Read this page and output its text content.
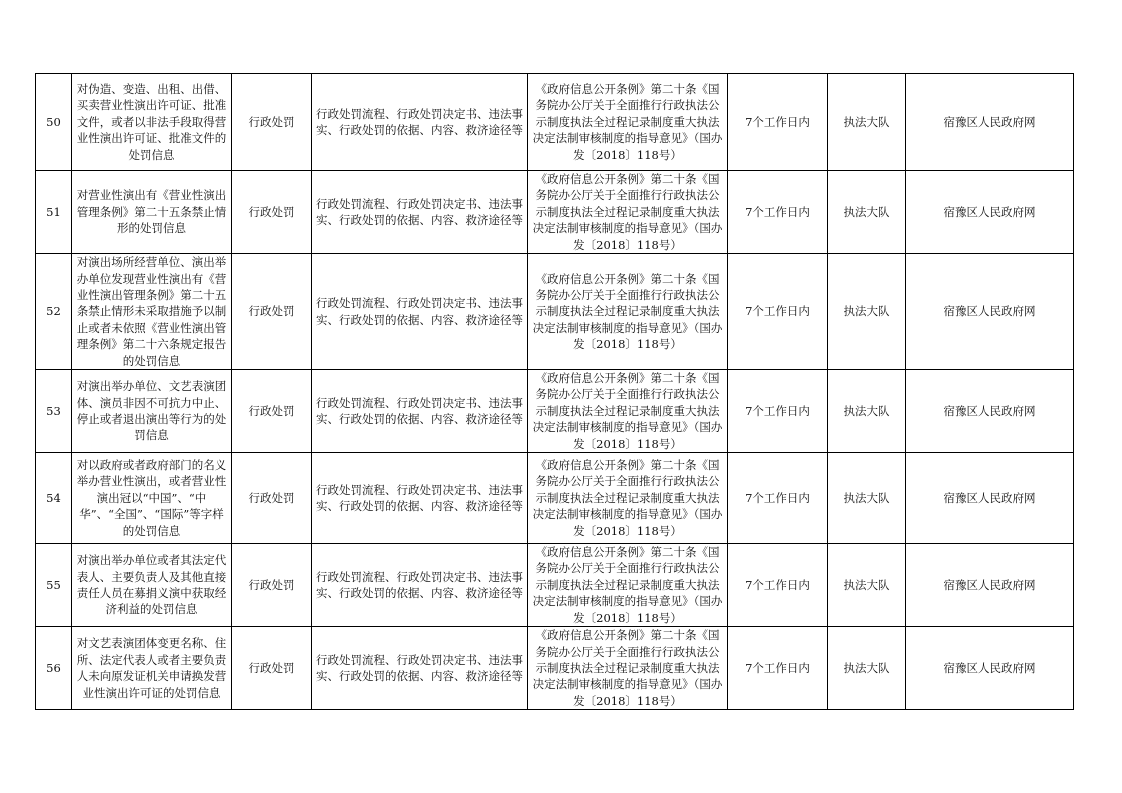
50	对伪造、变造、出租、出借、买卖营业性演出许可证、批准文件，或者以非法手段取得营业性演出许可证、批准文件的处罚信息	行政处罚	行政处罚流程、行政处罚决定书、违法事实、行政处罚的依据、内容、救济途径等	《政府信息公开条例》第二十条《国务院办公厅关于全面推行行政执法公示制度执法全过程记录制度重大执法决定法制审核制度的指导意见》（国办发〔2018〕118号）	7个工作日内	执法大队	宿豫区人民政府网

51	对营业性演出有《营业性演出管理条例》第二十五条禁止情形的处罚信息	行政处罚	行政处罚流程、行政处罚决定书、违法事实、行政处罚的依据、内容、救济途径等	《政府信息公开条例》第二十条《国务院办公厅关于全面推行行政执法公示制度执法全过程记录制度重大执法决定法制审核制度的指导意见》（国办发〔2018〕118号）	7个工作日内	执法大队	宿豫区人民政府网

52	对演出场所经营单位、演出举办单位发现营业性演出有《营业性演出管理条例》第二十五条禁止情形未采取措施予以制止或者未依照《营业性演出管理条例》第二十六条规定报告的处罚信息	行政处罚	行政处罚流程、行政处罚决定书、违法事实、行政处罚的依据、内容、救济途径等	《政府信息公开条例》第二十条《国务院办公厅关于全面推行行政执法公示制度执法全过程记录制度重大执法决定法制审核制度的指导意见》（国办发〔2018〕118号）	7个工作日内	执法大队	宿豫区人民政府网

53	对演出举办单位、文艺表演团体、演员非因不可抗力中止、停止或者退出演出等行为的处罚信息	行政处罚	行政处罚流程、行政处罚决定书、违法事实、行政处罚的依据、内容、救济途径等	《政府信息公开条例》第二十条《国务院办公厅关于全面推行行政执法公示制度执法全过程记录制度重大执法决定法制审核制度的指导意见》（国办发〔2018〕118号）	7个工作日内	执法大队	宿豫区人民政府网

54	对以政府或者政府部门的名义举办营业性演出，或者营业性演出冠以“中国”、“中华”、“全国”、“国际”等字样的处罚信息	行政处罚	行政处罚流程、行政处罚决定书、违法事实、行政处罚的依据、内容、救济途径等	《政府信息公开条例》第二十条《国务院办公厅关于全面推行行政执法公示制度执法全过程记录制度重大执法决定法制审核制度的指导意见》（国办发〔2018〕118号）	7个工作日内	执法大队	宿豫区人民政府网

55	对演出举办单位或者其法定代表人、主要负责人及其他直接责任人员在募捐义演中获取经济利益的处罚信息	行政处罚	行政处罚流程、行政处罚决定书、违法事实、行政处罚的依据、内容、救济途径等	《政府信息公开条例》第二十条《国务院办公厅关于全面推行行政执法公示制度执法全过程记录制度重大执法决定法制审核制度的指导意见》（国办发〔2018〕118号）	7个工作日内	执法大队	宿豫区人民政府网

56	对文艺表演团体变更名称、住所、法定代表人或者主要负责人未向原发证机关申请换发营业性演出许可证的处罚信息	行政处罚	行政处罚流程、行政处罚决定书、违法事实、行政处罚的依据、内容、救济途径等	《政府信息公开条例》第二十条《国务院办公厅关于全面推行行政执法公示制度执法全过程记录制度重大执法决定法制审核制度的指导意见》（国办发〔2018〕118号）	7个工作日内	执法大队	宿豫区人民政府网
